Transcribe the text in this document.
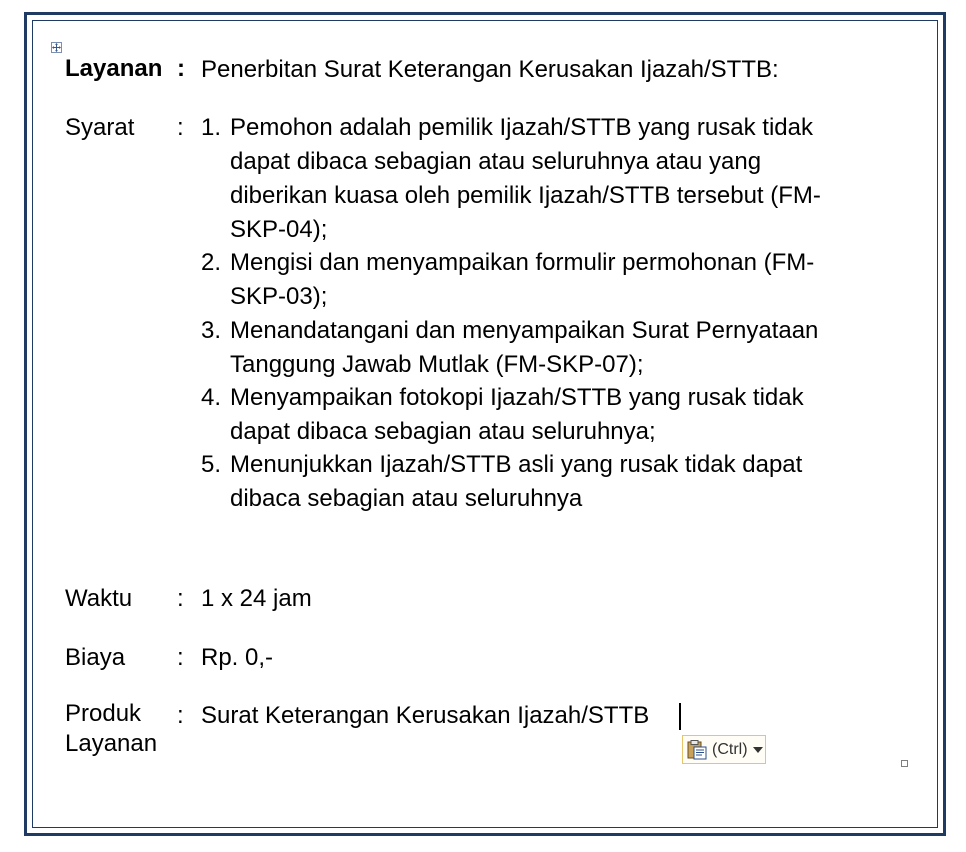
Layanan : Penerbitan Surat Keterangan Kerusakan Ijazah/STTB:
Syarat : 1. Pemohon adalah pemilik Ijazah/STTB yang rusak tidak
dapat dibaca sebagian atau seluruhnya atau yang
diberikan kuasa oleh pemilik Ijazah/STTB tersebut (FM-
SKP-04);
2. Mengisi dan menyampaikan formulir permohonan (FM-
SKP-03);
3. Menandatangani dan menyampaikan Surat Pernyataan
Tanggung Jawab Mutlak (FM-SKP-07);
4. Menyampaikan fotokopi Ijazah/STTB yang rusak tidak
dapat dibaca sebagian atau seluruhnya;
5. Menunjukkan Ijazah/STTB asli yang rusak tidak dapat
dibaca sebagian atau seluruhnya
Waktu : 1 x 24 jam
Biaya : Rp. 0,-
Produk
Layanan
: Surat Keterangan Kerusakan Ijazah/STTB
(Ctrl)
